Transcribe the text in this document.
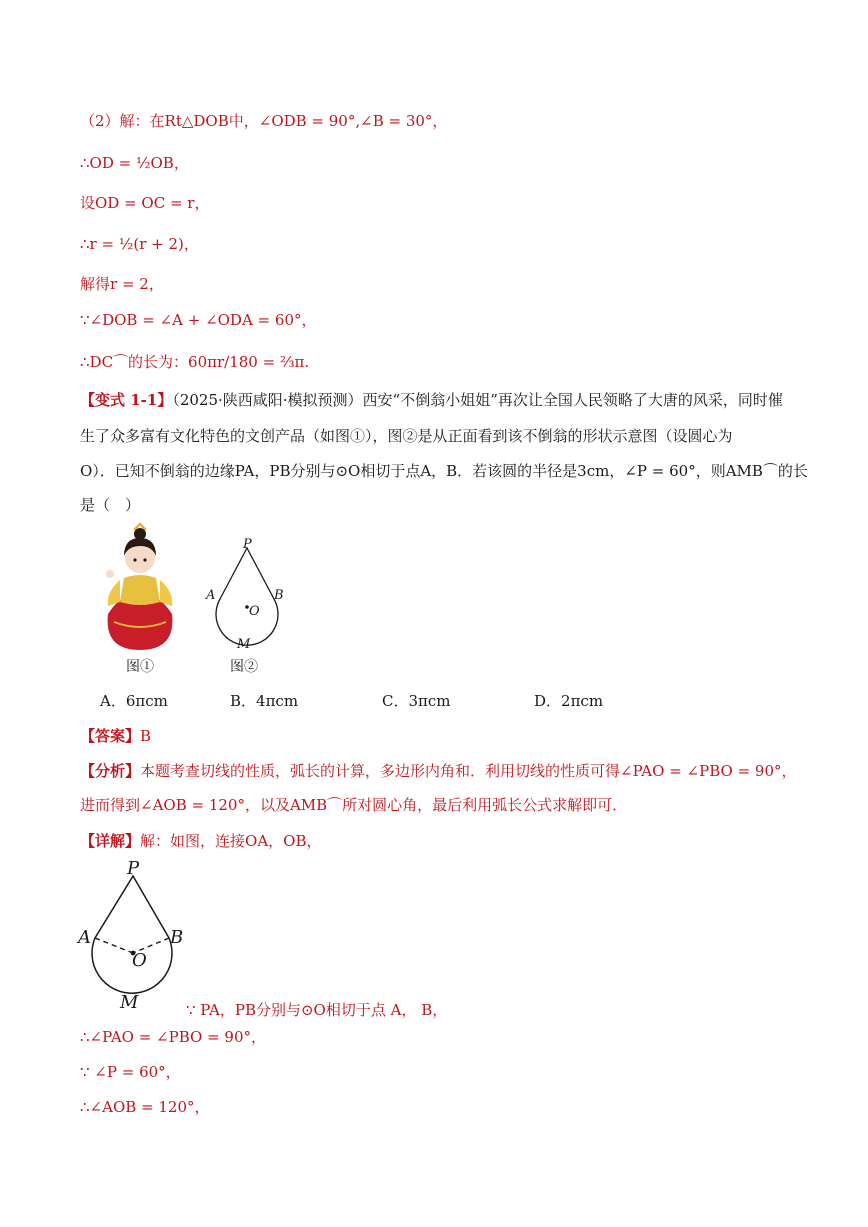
（2）解：在Rt△DOB中，∠ODB = 90°,∠B = 30°，
∴OD = ½OB，
设OD = OC = r，
∴r = ½(r + 2)，
解得r = 2，
∵∠DOB = ∠A + ∠ODA = 60°，
∴DC⌒的长为：60πr/180 = ⅔π.
【变式 1-1】（2025·陕西咸阳·模拟预测）西安“不倒翁小姐姐”再次让全国人民领略了大唐的风采，同时催
生了众多富有文化特色的文创产品（如图①），图②是从正面看到该不倒翁的形状示意图（设圆心为
O）．已知不倒翁的边缘PA，PB分别与⊙O相切于点A，B．若该圆的半径是3cm，∠P = 60°，则AMB⌒的长
是（　）
图①
P
A	B
O
M
图②
A．6πcm	B．4πcm	C．3πcm	D．2πcm
【答案】B
【分析】本题考查切线的性质，弧长的计算，多边形内角和．利用切线的性质可得∠PAO = ∠PBO = 90°，
进而得到∠AOB = 120°，以及AMB⌒所对圆心角，最后利用弧长公式求解即可．
【详解】解：如图，连接OA，OB，
P
A	B
O
M	∵ PA，PB分别与⊙O相切于点 A， B，
∴∠PAO = ∠PBO = 90°，
∵ ∠P = 60°，
∴∠AOB = 120°，
